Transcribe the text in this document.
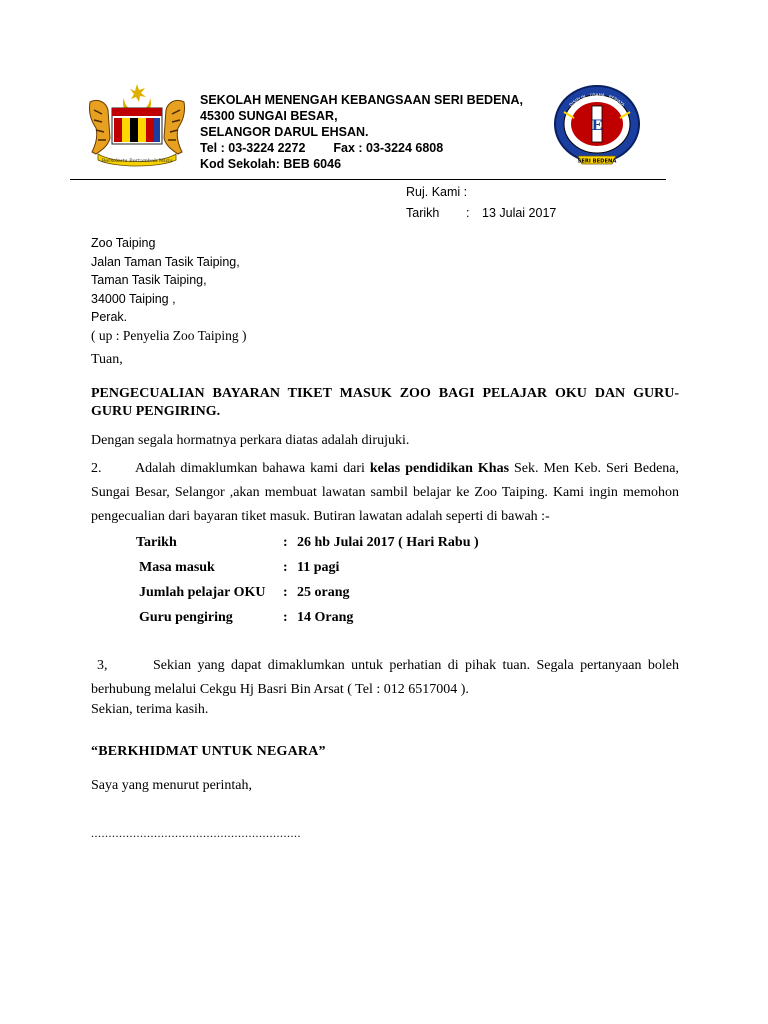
Bersekutu Bertambah Mutu
SEKOLAH MENENGAH KEBANGSAAN SERI BEDENA,
45300 SUNGAI BESAR,
SELANGOR DARUL EHSAN.
Tel : 03-3224 2272 Fax : 03-3224 6808
Kod Sekolah: BEB 6046
E
SERI BEDENA
DISIPLIN . USAHA . BERJAYA
Ruj. Kami :
Tarikh	:	13 Julai 2017
Zoo Taiping
Jalan Taman Tasik Taiping,
Taman Tasik Taiping,
34000 Taiping ,
Perak.
( up : Penyelia Zoo Taiping )
Tuan,
PENGECUALIAN BAYARAN TIKET MASUK ZOO BAGI PELAJAR OKU DAN GURU-GURU PENGIRING.
Dengan segala hormatnya perkara diatas adalah dirujuki.
2. Adalah dimaklumkan bahawa kami dari kelas pendidikan Khas Sek. Men Keb. Seri Bedena, Sungai Besar, Selangor ,akan membuat lawatan sambil belajar ke Zoo Taiping. Kami ingin memohon pengecualian dari bayaran tiket masuk. Butiran lawatan adalah seperti di bawah :-
Tarikh	: 26 hb Julai 2017 ( Hari Rabu )
Masa masuk	: 11 pagi
Jumlah pelajar OKU	: 25 orang
Guru pengiring	: 14 Orang
3,	Sekian yang dapat dimaklumkan untuk perhatian di pihak tuan. Segala pertanyaan boleh berhubung melalui Cekgu Hj Basri Bin Arsat ( Tel : 012 6517004 ).
Sekian, terima kasih.
“BERKHIDMAT UNTUK NEGARA”
Saya yang menurut perintah,
............................................................
